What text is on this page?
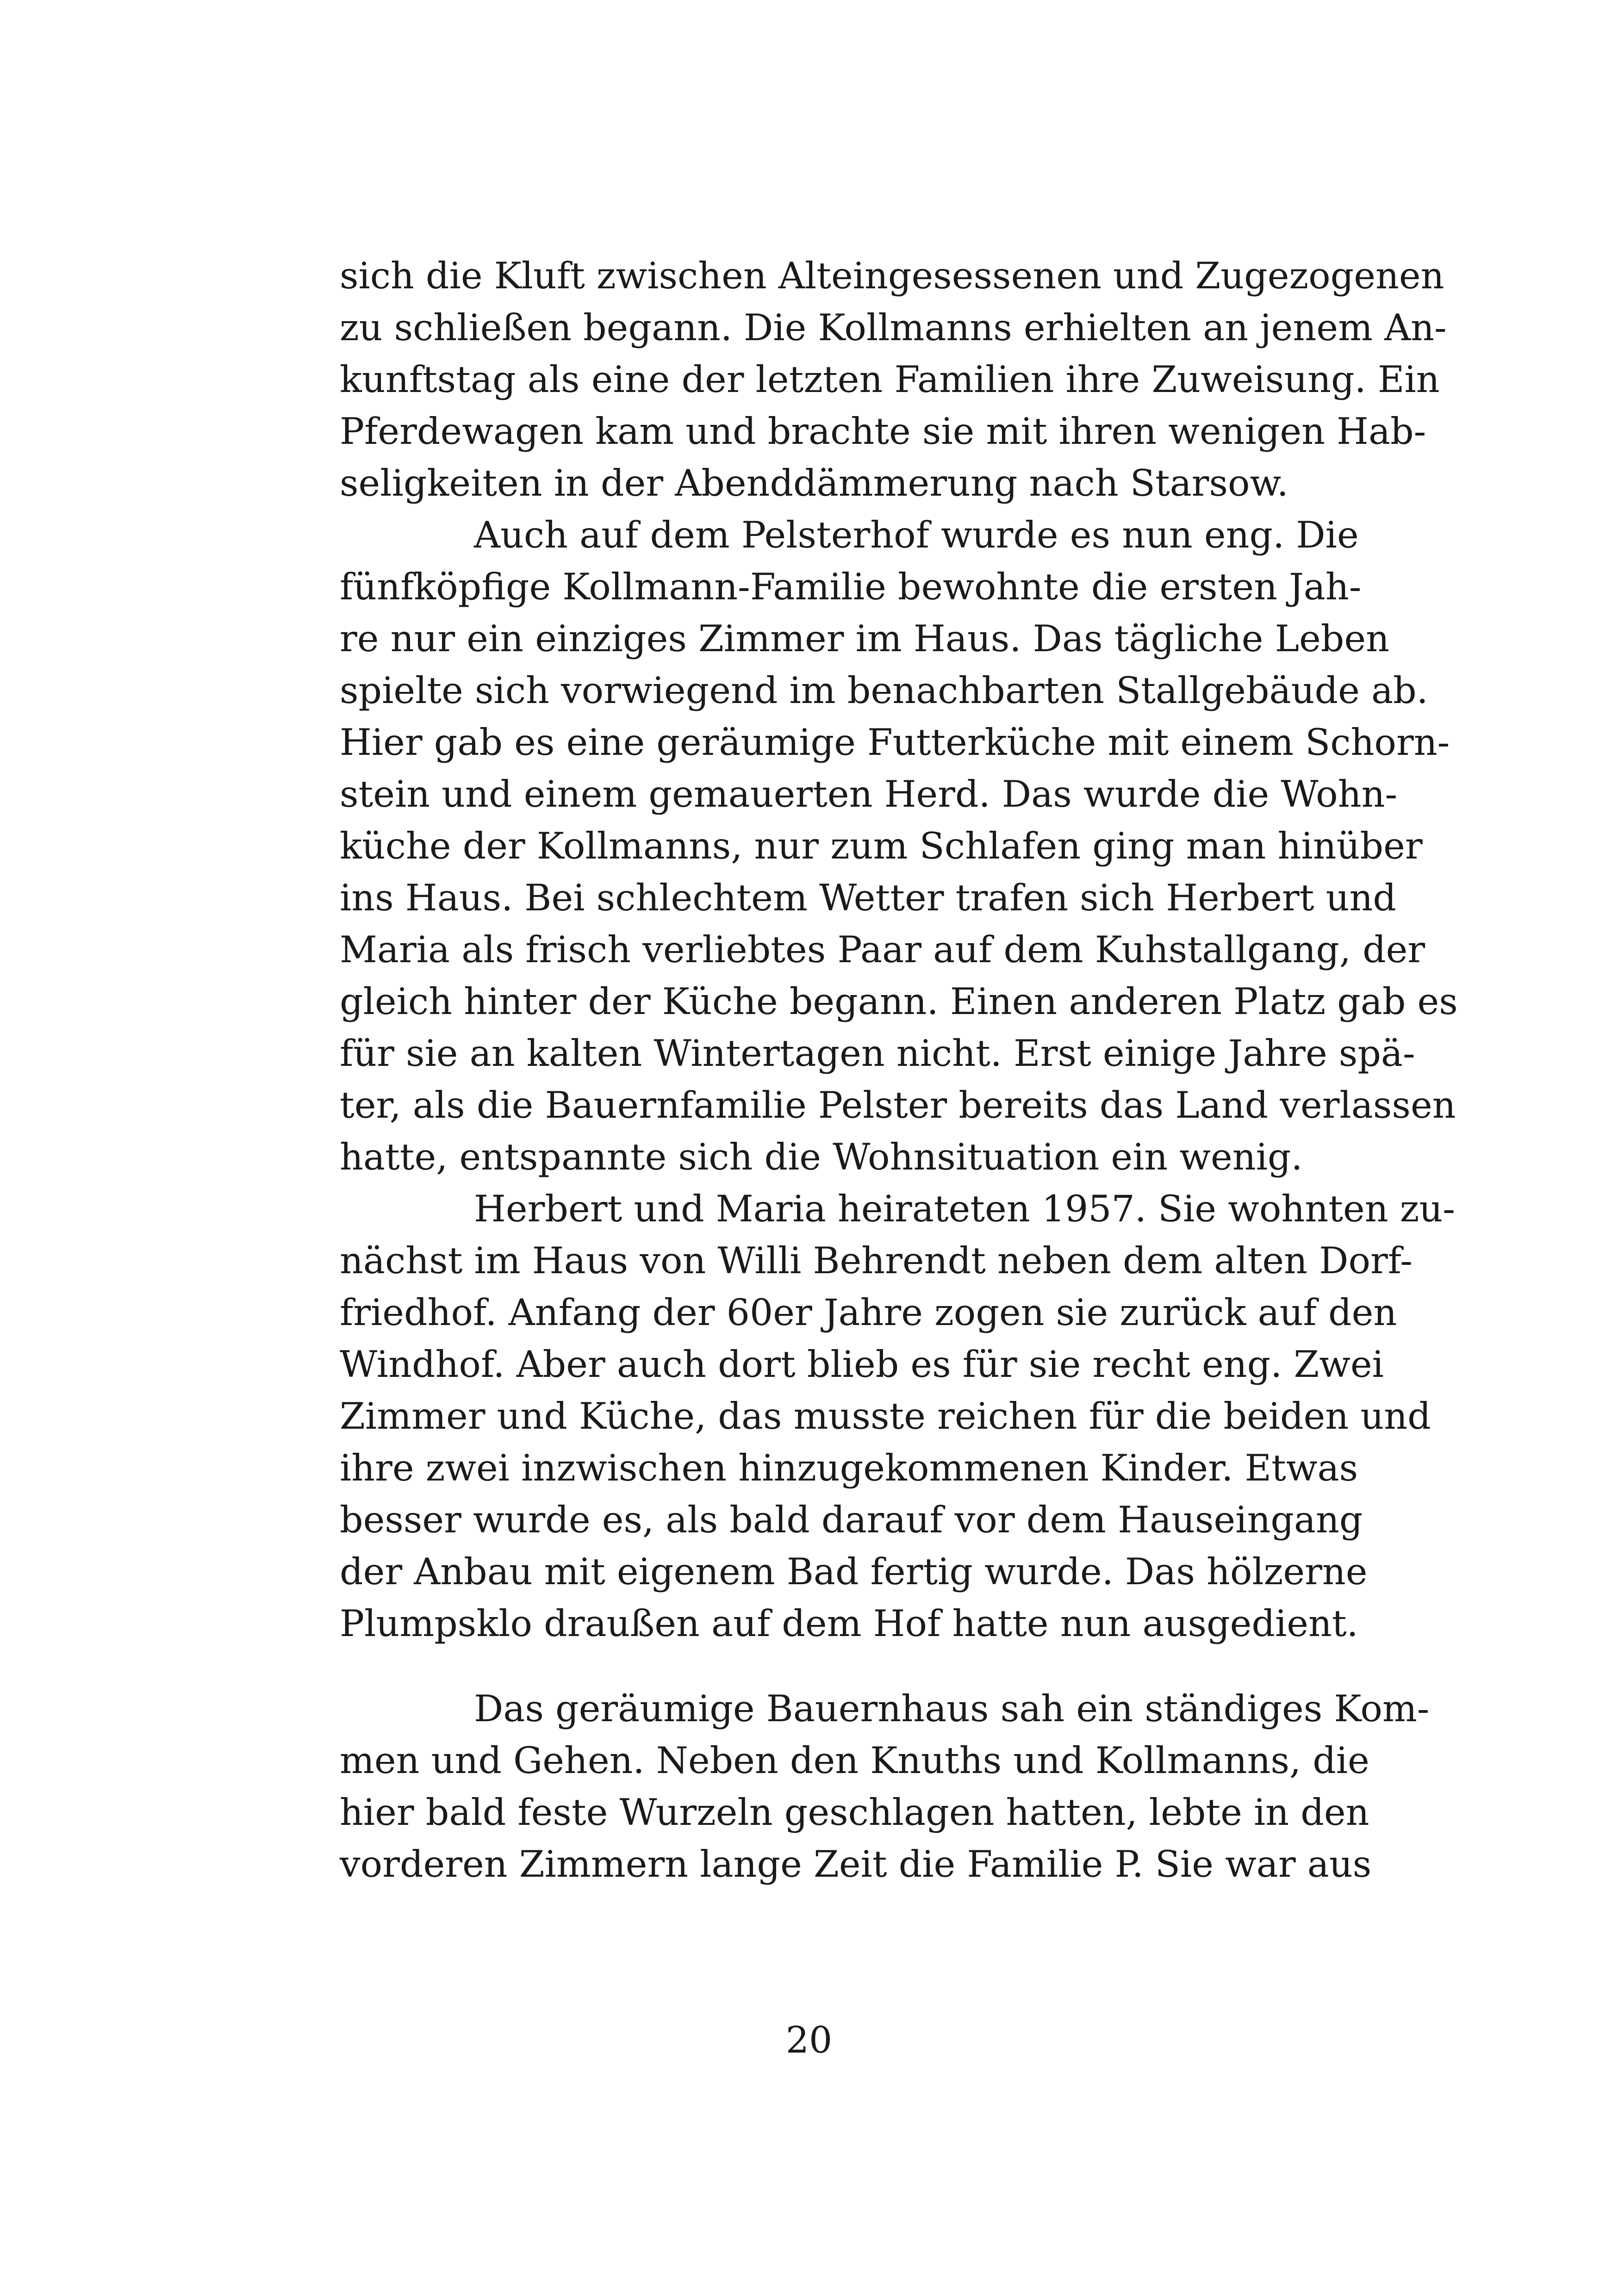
sich die Kluft zwischen Alteingesessenen und Zugezogenen
zu schließen begann. Die Kollmanns erhielten an jenem An-
kunftstag als eine der letzten Familien ihre Zuweisung. Ein
Pferdewagen kam und brachte sie mit ihren wenigen Hab-
seligkeiten in der Abenddämmerung nach Starsow.
Auch auf dem Pelsterhof wurde es nun eng. Die
fünfköpfige Kollmann-Familie bewohnte die ersten Jah-
re nur ein einziges Zimmer im Haus. Das tägliche Leben
spielte sich vorwiegend im benachbarten Stallgebäude ab.
Hier gab es eine geräumige Futterküche mit einem Schorn-
stein und einem gemauerten Herd. Das wurde die Wohn-
küche der Kollmanns, nur zum Schlafen ging man hinüber
ins Haus. Bei schlechtem Wetter trafen sich Herbert und
Maria als frisch verliebtes Paar auf dem Kuhstallgang, der
gleich hinter der Küche begann. Einen anderen Platz gab es
für sie an kalten Wintertagen nicht. Erst einige Jahre spä-
ter, als die Bauernfamilie Pelster bereits das Land verlassen
hatte, entspannte sich die Wohnsituation ein wenig.
Herbert und Maria heirateten 1957. Sie wohnten zu-
nächst im Haus von Willi Behrendt neben dem alten Dorf-
friedhof. Anfang der 60er Jahre zogen sie zurück auf den
Windhof. Aber auch dort blieb es für sie recht eng. Zwei
Zimmer und Küche, das musste reichen für die beiden und
ihre zwei inzwischen hinzugekommenen Kinder. Etwas
besser wurde es, als bald darauf vor dem Hauseingang
der Anbau mit eigenem Bad fertig wurde. Das hölzerne
Plumpsklo draußen auf dem Hof hatte nun ausgedient.
Das geräumige Bauernhaus sah ein ständiges Kom-
men und Gehen. Neben den Knuths und Kollmanns, die
hier bald feste Wurzeln geschlagen hatten, lebte in den
vorderen Zimmern lange Zeit die Familie P. Sie war aus
20
